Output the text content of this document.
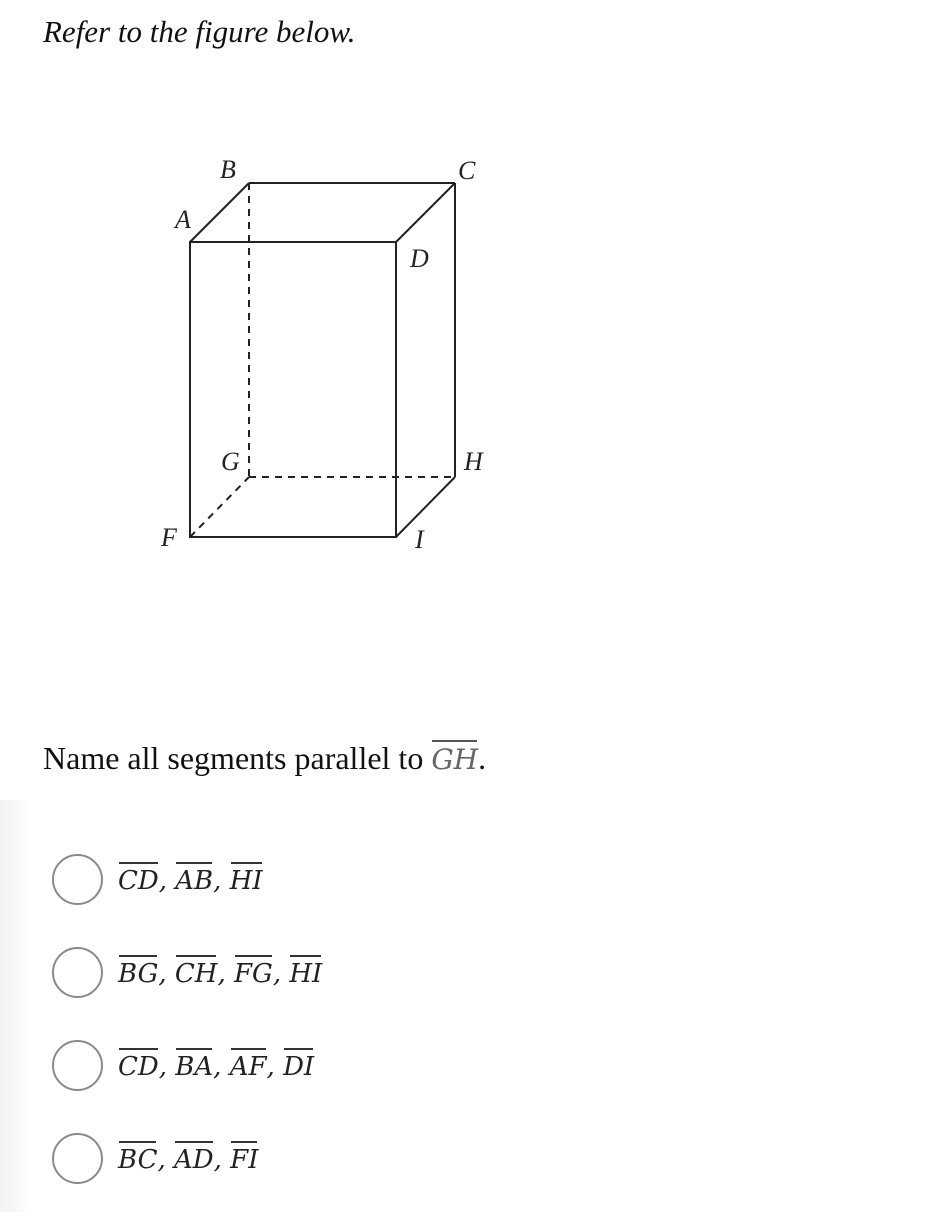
Refer to the figure below.
B	C
A
D
G	H
F	I

Name all segments parallel to GH.

CD, AB, HI
BG, CH, FG, HI
CD, BA, AF, DI
BC, AD, FI
